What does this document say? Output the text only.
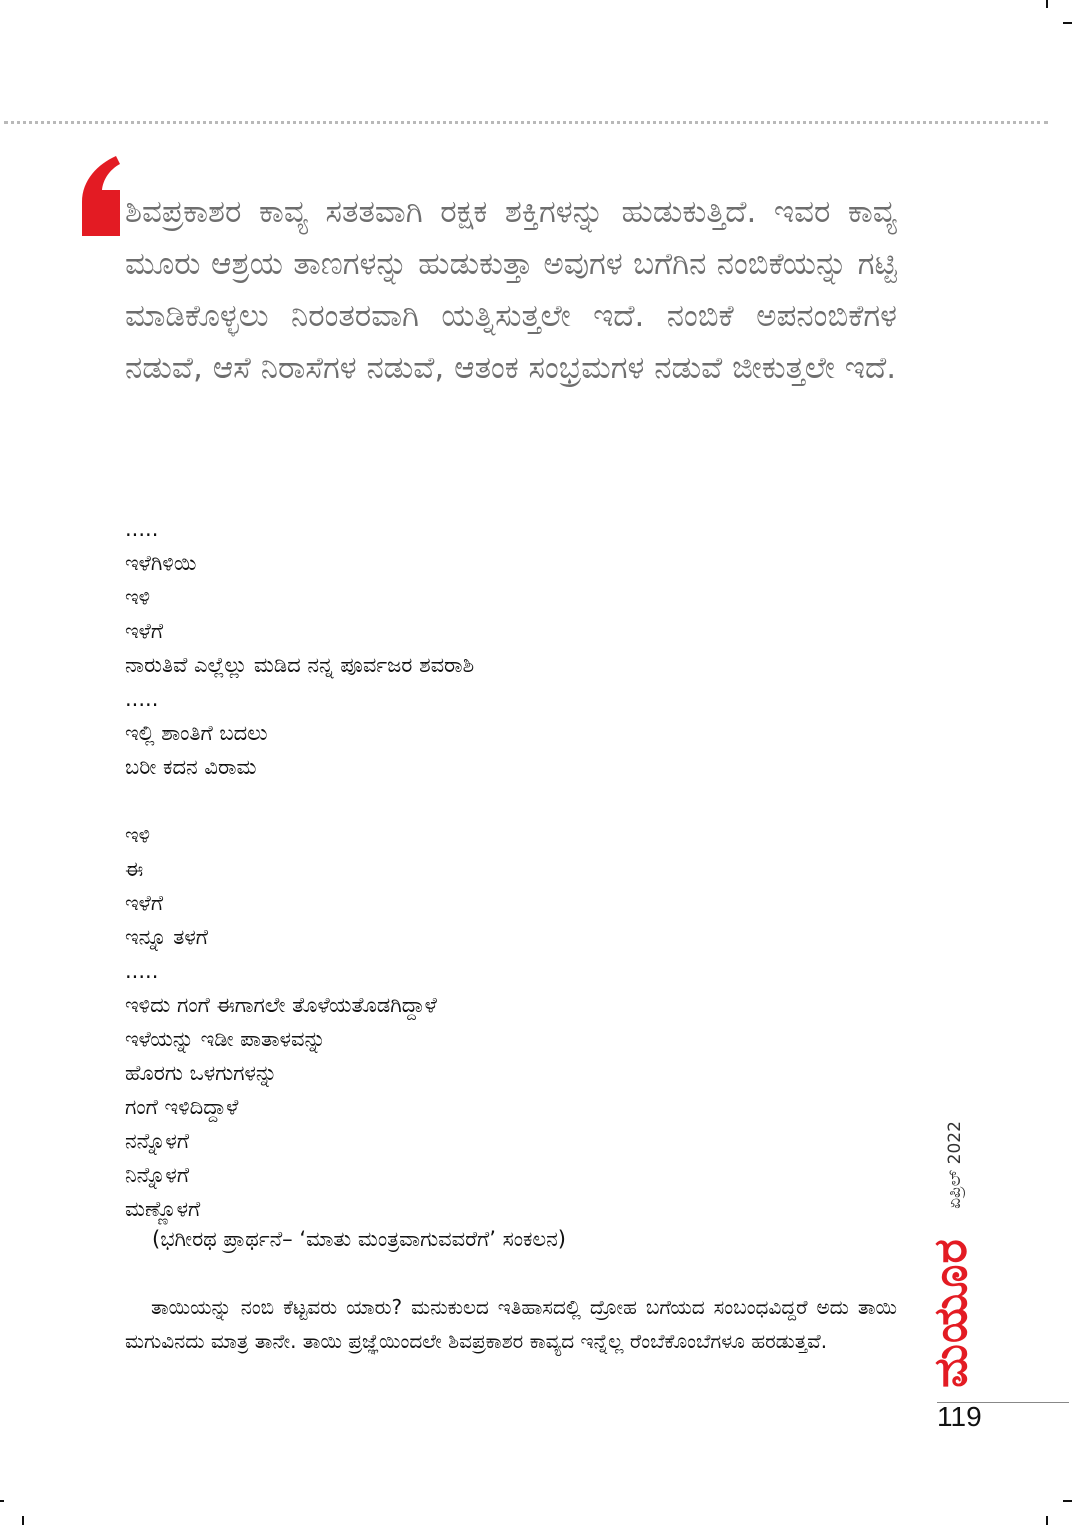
ಶಿವಪ್ರಕಾಶರ ಕಾವ್ಯ ಸತತವಾಗಿ ರಕ್ಷಕ ಶಕ್ತಿಗಳನ್ನು ಹುಡುಕುತ್ತಿದೆ. ಇವರ ಕಾವ್ಯ ಮೂರು ಆಶ್ರಯ ತಾಣಗಳನ್ನು ಹುಡುಕುತ್ತಾ ಅವುಗಳ ಬಗೆಗಿನ ನಂಬಿಕೆಯನ್ನು ಗಟ್ಟಿ ಮಾಡಿಕೊಳ್ಳಲು ನಿರಂತರವಾಗಿ ಯತ್ನಿಸುತ್ತಲೇ ಇದೆ. ನಂಬಿಕೆ ಅಪನಂಬಿಕೆಗಳ ನಡುವೆ, ಆಸೆ ನಿರಾಸೆಗಳ ನಡುವೆ, ಆತಂಕ ಸಂಭ್ರಮಗಳ ನಡುವೆ ಜೀಕುತ್ತಲೇ ಇದೆ.

.....
ಇಳೆಗಿಳಿಯಿ
ಇಳಿ
ಇಳೆಗೆ
ನಾರುತಿವೆ ಎಲ್ಲೆಲ್ಲು ಮಡಿದ ನನ್ನ ಪೂರ್ವಜರ ಶವರಾಶಿ
.....
ಇಲ್ಲಿ ಶಾಂತಿಗೆ ಬದಲು
ಬರೀ ಕದನ ವಿರಾಮ
ಇಳಿ
ಈ
ಇಳೆಗೆ
ಇನ್ನೂ ತಳಗೆ
.....
ಇಳಿದು ಗಂಗೆ ಈಗಾಗಲೇ ತೊಳೆಯತೊಡಗಿದ್ದಾಳೆ
ಇಳೆಯನ್ನು ಇಡೀ ಪಾತಾಳವನ್ನು
ಹೊರಗು ಒಳಗುಗಳನ್ನು
ಗಂಗೆ ಇಳಿದಿದ್ದಾಳೆ
ನನ್ನೊಳಗೆ
ನಿನ್ನೊಳಗೆ
ಮಣ್ಣೊಳಗೆ
(ಭಗೀರಥ ಪ್ರಾರ್ಥನೆ– ‘ಮಾತು ಮಂತ್ರವಾಗುವವರೆಗೆ’ ಸಂಕಲನ)

ತಾಯಿಯನ್ನು ನಂಬಿ ಕೆಟ್ಟವರು ಯಾರು? ಮನುಕುಲದ ಇತಿಹಾಸದಲ್ಲಿ ದ್ರೋಹ ಬಗೆಯದ ಸಂಬಂಧವಿದ್ದರೆ ಅದು ತಾಯಿ ಮಗುವಿನದು ಮಾತ್ರ ತಾನೇ. ತಾಯಿ ಪ್ರಜ್ಞೆಯಿಂದಲೇ ಶಿವಪ್ರಕಾಶರ ಕಾವ್ಯದ ಇನ್ನೆಲ್ಲ ರೆಂಬೆಕೊಂಬೆಗಳೂ ಹರಡುತ್ತವೆ.

ಏಪ್ರಿಲ್ 2022
ಮಯೂರ
119
